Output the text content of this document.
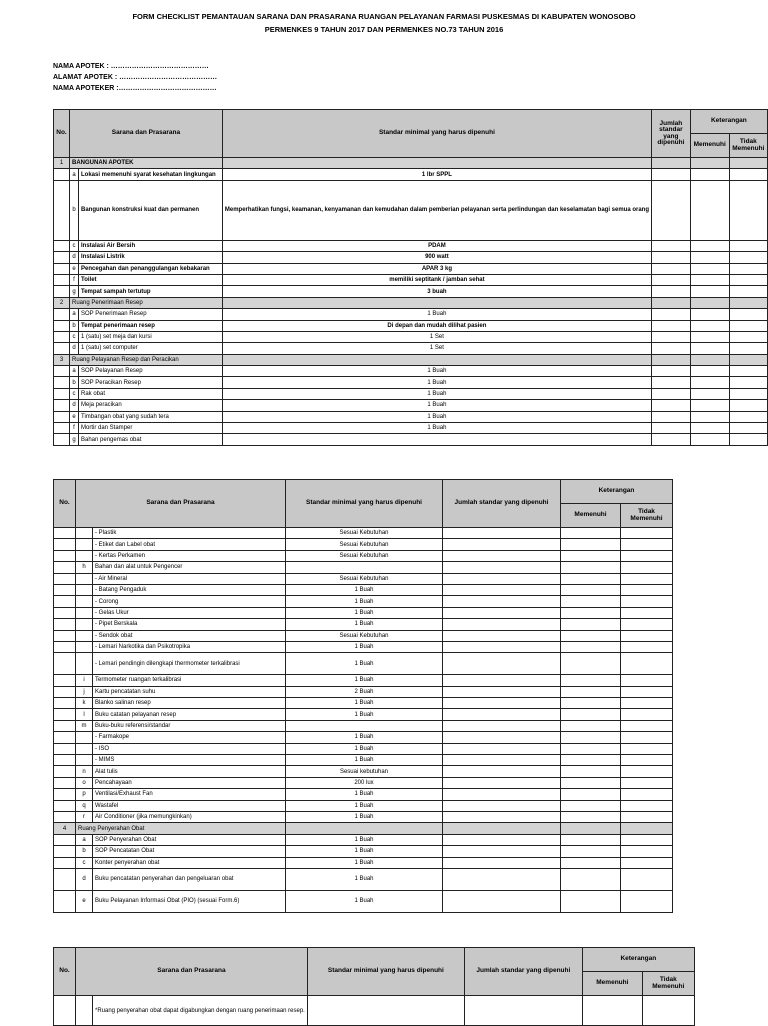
FORM CHECKLIST PEMANTAUAN SARANA DAN PRASARANA RUANGAN PELAYANAN FARMASI PUSKESMAS DI KABUPATEN WONOSOBO
PERMENKES 9 TAHUN 2017 DAN PERMENKES NO.73 TAHUN 2016
NAMA APOTEK : ……………………………………
ALAMAT APOTEK : ……………………………………
NAMA APOTEKER :……………………………………
No.	Sarana dan Prasarana		Standar minimal yang harus dipenuhi	Jumlah standar yang dipenuhi	Keterangan	
					Memenuhi	Tidak Memenuhi
1	BANGUNAN APOTEK					
	a	Lokasi memenuhi syarat kesehatan lingkungan	1 lbr SPPL			
	b	Bangunan konstruksi kuat dan permanen	Memperhatikan fungsi, keamanan, kenyamanan dan kemudahan dalam pemberian pelayanan serta perlindungan dan keselamatan bagi semua orang			
	c	Instalasi Air Bersih	PDAM			
	d	Instalasi Listrik	900 watt			
	e	Pencegahan dan penanggulangan kebakaran	APAR 3 kg			
	f	Toilet	memiliki septitank / jamban sehat			
	g	Tempat sampah tertutup	3 buah			
2	Ruang Penerimaan Resep					
	a	SOP Penerimaan Resep	1 Buah			
	b	Tempat penerimaan resep	Di depan dan mudah dilihat pasien			
	c	1 (satu) set meja dan kursi	1 Set			
	d	1 (satu) set computer	1 Set			
3	Ruang Pelayanan Resep dan Peracikan					
	a	SOP Pelayanan Resep	1 Buah			
	b	SOP Peracikan Resep	1 Buah			
	c	Rak obat	1 Buah			
	d	Meja peracikan	1 Buah			
	e	Timbangan obat yang sudah tera	1 Buah			
	f	Mortir dan Stamper	1 Buah			
	g	Bahan pengemas obat				
No.	Sarana dan Prasarana		Standar minimal yang harus dipenuhi	Jumlah standar yang dipenuhi	Keterangan	
					Memenuhi	Tidak Memenuhi
		- Plastik	Sesuai Kebutuhan			
		- Etiket dan Label obat	Sesuai Kebutuhan			
		- Kertas Perkamen	Sesuai Kebutuhan			
	h	Bahan dan alat untuk Pengencer				
		- Air Mineral	Sesuai Kebutuhan			
		- Batang Pengaduk	1 Buah			
		- Corong	1 Buah			
		- Gelas Ukur	1 Buah			
		- Pipet Berskala	1 Buah			
		- Sendok obat	Sesuai Kebutuhan			
		- Lemari Narkotika dan Psikotropika	1 Buah			
		- Lemari pendingin dilengkapi thermometer terkalibrasi	1 Buah			
	i	Termometer ruangan terkalibrasi	1 Buah			
	j	Kartu pencatatan suhu	2 Buah			
	k	Blanko salinan resep	1 Buah			
	l	Buku catatan pelayanan resep	1 Buah			
	m	Buku-buku referensi/standar				
		- Farmakope	1 Buah			
		- ISO	1 Buah			
		- MIMS	1 Buah			
	n	Alat tulis	Sesuai kebutuhan			
	o	Pencahayaan	200 lux			
	p	Ventilasi/Exhaust Fan	1 Buah			
	q	Wastafel	1 Buah			
	r	Air Conditioner (jika memungkinkan)	1 Buah			
4	Ruang Penyerahan Obat					
	a	SOP Penyerahan Obat	1 Buah			
	b	SOP Pencatatan Obat	1 Buah			
	c	Konter penyerahan obat	1 Buah			
	d	Buku pencatatan penyerahan dan pengeluaran obat	1 Buah			
	e	Buku Pelayanan Informasi Obat (PIO) (sesuai Form.6)	1 Buah			
No.	Sarana dan Prasarana		Standar minimal yang harus dipenuhi	Jumlah standar yang dipenuhi	Keterangan	
					Memenuhi	Tidak Memenuhi
		*Ruang penyerahan obat dapat digabungkan dengan ruang penerimaan resep.				
